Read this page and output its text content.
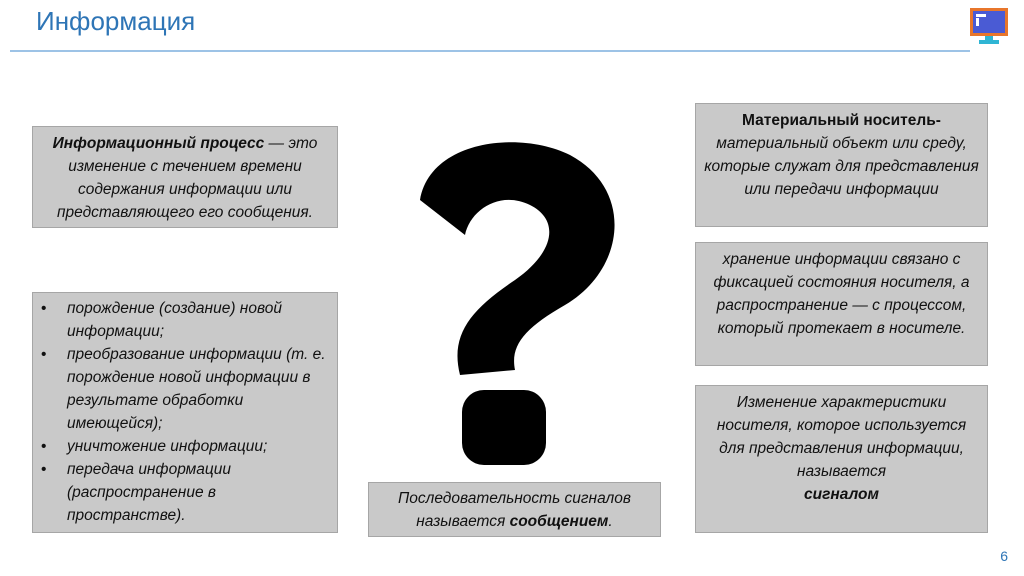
Информация
Информационный процесс — это изменение с течением времени содержания информации или представляющего его сообщения.
• порождение (создание) новой информации;
• преобразование информации (т. е. порождение новой информации в результате обработки имеющейся);
• уничтожение информации;
• передача информации (распространение в пространстве).
Последовательность сигналов называется сообщением.
Материальный носитель-
материальный объект или среду, которые служат для представления или передачи информации
хранение информации связано с фиксацией состояния носителя, а распространение — с процессом, который протекает в носителе.
Изменение характеристики носителя, которое используется для представления информации, называется
сигналом
6
